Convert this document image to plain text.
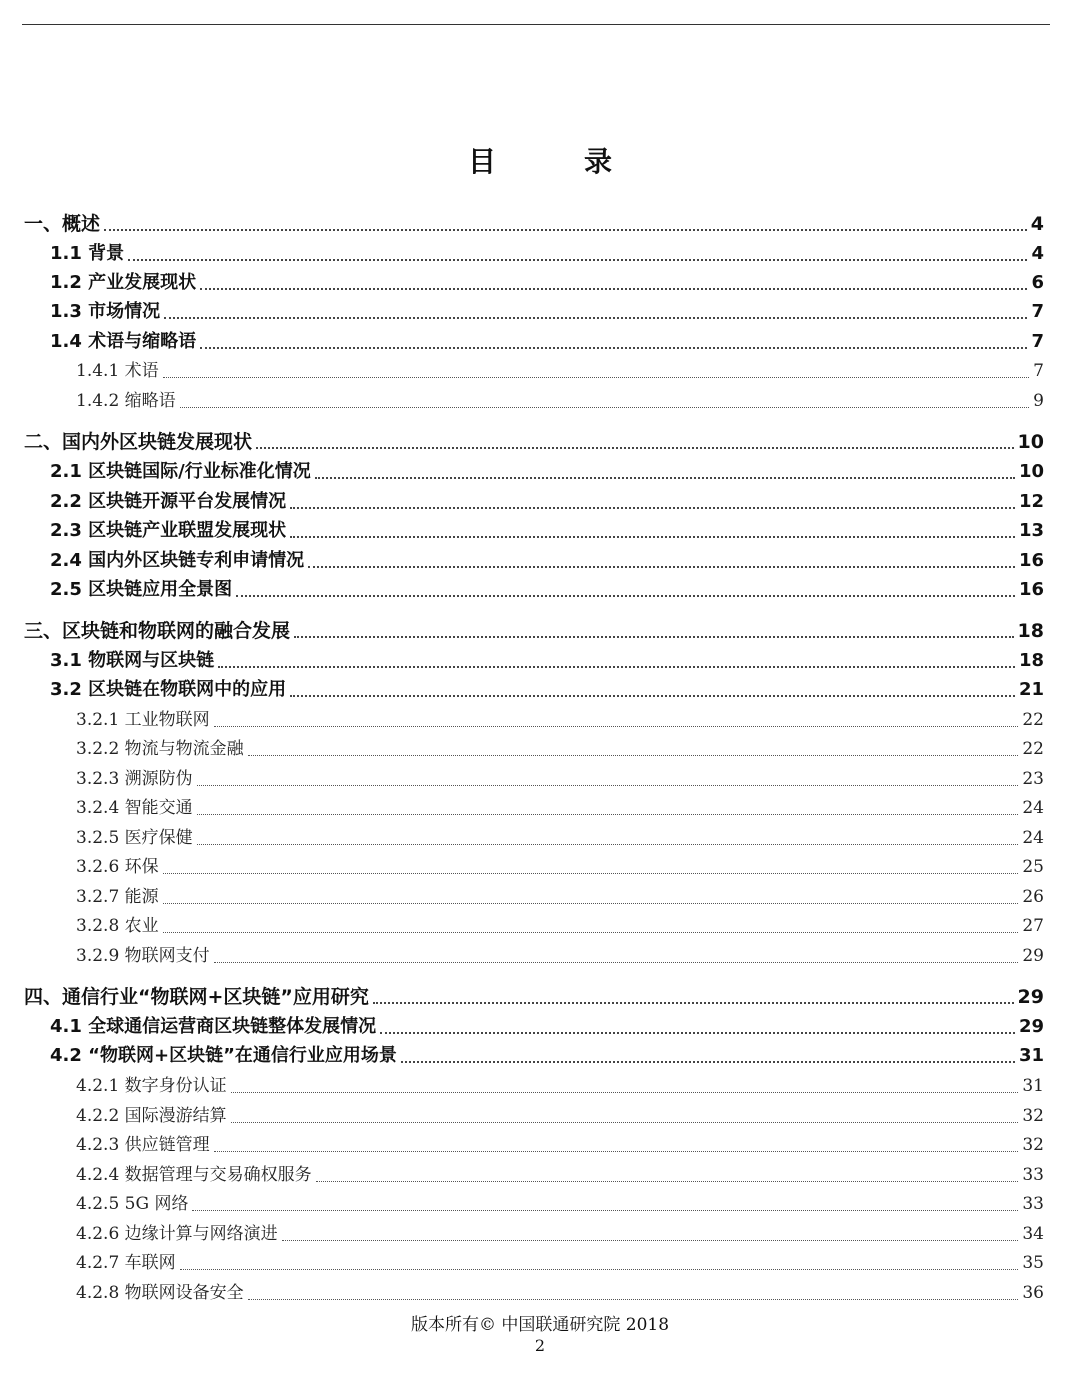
目　录
一、概述	4
1.1 背景	4
1.2 产业发展现状	6
1.3 市场情况	7
1.4 术语与缩略语	7
1.4.1 术语	7
1.4.2 缩略语	9
二、国内外区块链发展现状	10
2.1 区块链国际/行业标准化情况	10
2.2 区块链开源平台发展情况	12
2.3 区块链产业联盟发展现状	13
2.4 国内外区块链专利申请情况	16
2.5 区块链应用全景图	16
三、区块链和物联网的融合发展	18
3.1 物联网与区块链	18
3.2 区块链在物联网中的应用	21
3.2.1 工业物联网	22
3.2.2 物流与物流金融	22
3.2.3 溯源防伪	23
3.2.4 智能交通	24
3.2.5 医疗保健	24
3.2.6 环保	25
3.2.7 能源	26
3.2.8 农业	27
3.2.9 物联网支付	29
四、通信行业“物联网+区块链”应用研究	29
4.1 全球通信运营商区块链整体发展情况	29
4.2 “物联网+区块链”在通信行业应用场景	31
4.2.1 数字身份认证	31
4.2.2 国际漫游结算	32
4.2.3 供应链管理	32
4.2.4 数据管理与交易确权服务	33
4.2.5 5G 网络	33
4.2.6 边缘计算与网络演进	34
4.2.7 车联网	35
4.2.8 物联网设备安全	36
版本所有© 中国联通研究院 2018
2
